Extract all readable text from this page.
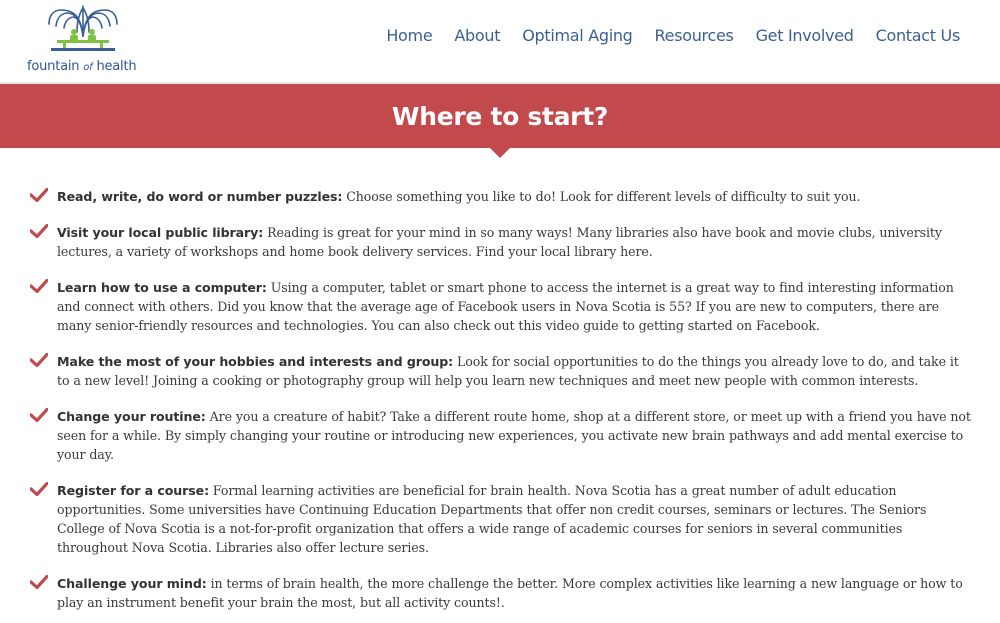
fountain of health
Home About Optimal Aging Resources Get Involved Contact Us
Where to start?
Read, write, do word or number puzzles: Choose something you like to do! Look for different levels of difficulty to suit you.
Visit your local public library: Reading is great for your mind in so many ways! Many libraries also have book and movie clubs, university lectures, a variety of workshops and home book delivery services. Find your local library here.
Learn how to use a computer: Using a computer, tablet or smart phone to access the internet is a great way to find interesting information and connect with others. Did you know that the average age of Facebook users in Nova Scotia is 55? If you are new to computers, there are many senior-friendly resources and technologies. You can also check out this video guide to getting started on Facebook.
Make the most of your hobbies and interests and group: Look for social opportunities to do the things you already love to do, and take it to a new level! Joining a cooking or photography group will help you learn new techniques and meet new people with common interests.
Change your routine: Are you a creature of habit? Take a different route home, shop at a different store, or meet up with a friend you have not seen for a while. By simply changing your routine or introducing new experiences, you activate new brain pathways and add mental exercise to your day.
Register for a course: Formal learning activities are beneficial for brain health. Nova Scotia has a great number of adult education opportunities. Some universities have Continuing Education Departments that offer non credit courses, seminars or lectures. The Seniors College of Nova Scotia is a not-for-profit organization that offers a wide range of academic courses for seniors in several communities throughout Nova Scotia. Libraries also offer lecture series.
Challenge your mind: in terms of brain health, the more challenge the better. More complex activities like learning a new language or how to play an instrument benefit your brain the most, but all activity counts!.
